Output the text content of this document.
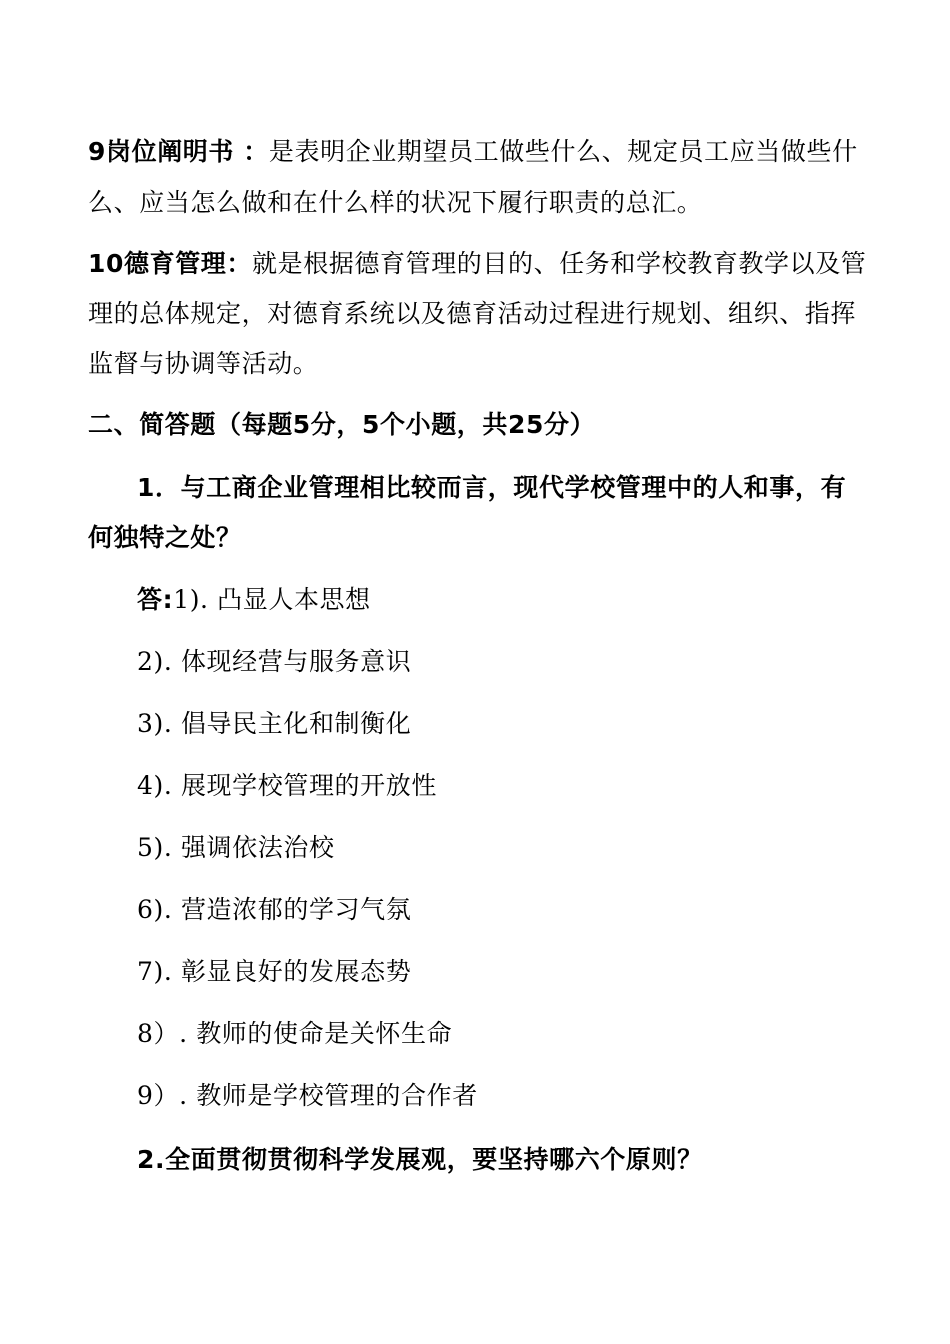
9岗位阐明书 ：是表明企业期望员工做些什么、规定员工应当做些什
么、应当怎么做和在什么样的状况下履行职责的总汇。
10德育管理：就是根据德育管理的目的、任务和学校教育教学以及管
理的总体规定，对德育系统以及德育活动过程进行规划、组织、指挥
监督与协调等活动。
二、简答题（每题5分，5个小题，共25分）
1．与工商企业管理相比较而言，现代学校管理中的人和事，有
何独特之处？
答:1). 凸显人本思想
2). 体现经营与服务意识
3). 倡导民主化和制衡化
4). 展现学校管理的开放性
5). 强调依法治校
6). 营造浓郁的学习气氛
7). 彰显良好的发展态势
8）. 教师的使命是关怀生命
9）. 教师是学校管理的合作者
2.全面贯彻贯彻科学发展观，要坚持哪六个原则？
